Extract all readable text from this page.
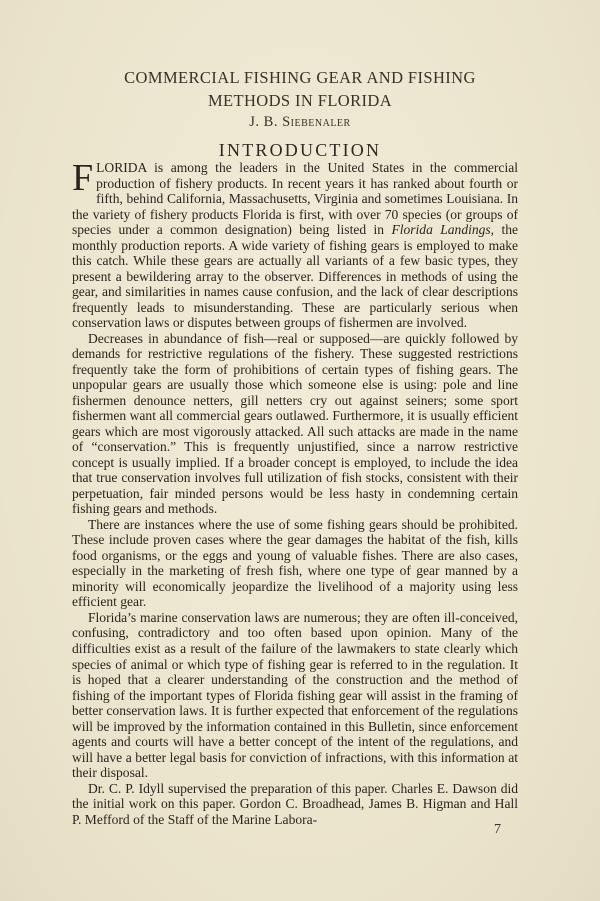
COMMERCIAL FISHING GEAR AND FISHING
METHODS IN FLORIDA
J. B. Siebenaler
INTRODUCTION

FLORIDA is among the leaders in the United States in the commercial production of fishery products. In recent years it has ranked about fourth or fifth, behind California, Massachusetts, Virginia and sometimes Louisiana. In the variety of fishery products Florida is first, with over 70 species (or groups of species under a common designation) being listed in Florida Landings, the monthly production reports. A wide variety of fishing gears is employed to make this catch. While these gears are actually all variants of a few basic types, they present a bewildering array to the observer. Differences in methods of using the gear, and similarities in names cause confusion, and the lack of clear descriptions frequently leads to misunderstanding. These are particularly serious when conservation laws or disputes between groups of fishermen are involved.

Decreases in abundance of fish—real or supposed—are quickly followed by demands for restrictive regulations of the fishery. These suggested restrictions frequently take the form of prohibitions of certain types of fishing gears. The unpopular gears are usually those which someone else is using: pole and line fishermen denounce netters, gill netters cry out against seiners; some sport fishermen want all commercial gears outlawed. Furthermore, it is usually efficient gears which are most vigorously attacked. All such attacks are made in the name of “conservation.” This is frequently unjustified, since a narrow restrictive concept is usually implied. If a broader concept is employed, to include the idea that true conservation involves full utilization of fish stocks, consistent with their perpetuation, fair minded persons would be less hasty in condemning certain fishing gears and methods.

There are instances where the use of some fishing gears should be prohibited. These include proven cases where the gear damages the habitat of the fish, kills food organisms, or the eggs and young of valuable fishes. There are also cases, especially in the marketing of fresh fish, where one type of gear manned by a minority will economically jeopardize the livelihood of a majority using less efficient gear.

Florida’s marine conservation laws are numerous; they are often ill-conceived, confusing, contradictory and too often based upon opinion. Many of the difficulties exist as a result of the failure of the lawmakers to state clearly which species of animal or which type of fishing gear is referred to in the regulation. It is hoped that a clearer understanding of the construction and the method of fishing of the important types of Florida fishing gear will assist in the framing of better conservation laws. It is further expected that enforcement of the regulations will be improved by the information contained in this Bulletin, since enforcement agents and courts will have a better concept of the intent of the regulations, and will have a better legal basis for conviction of infractions, with this information at their disposal.

Dr. C. P. Idyll supervised the preparation of this paper. Charles E. Dawson did the initial work on this paper. Gordon C. Broadhead, James B. Higman and Hall P. Mefford of the Staff of the Marine Labora-

7
